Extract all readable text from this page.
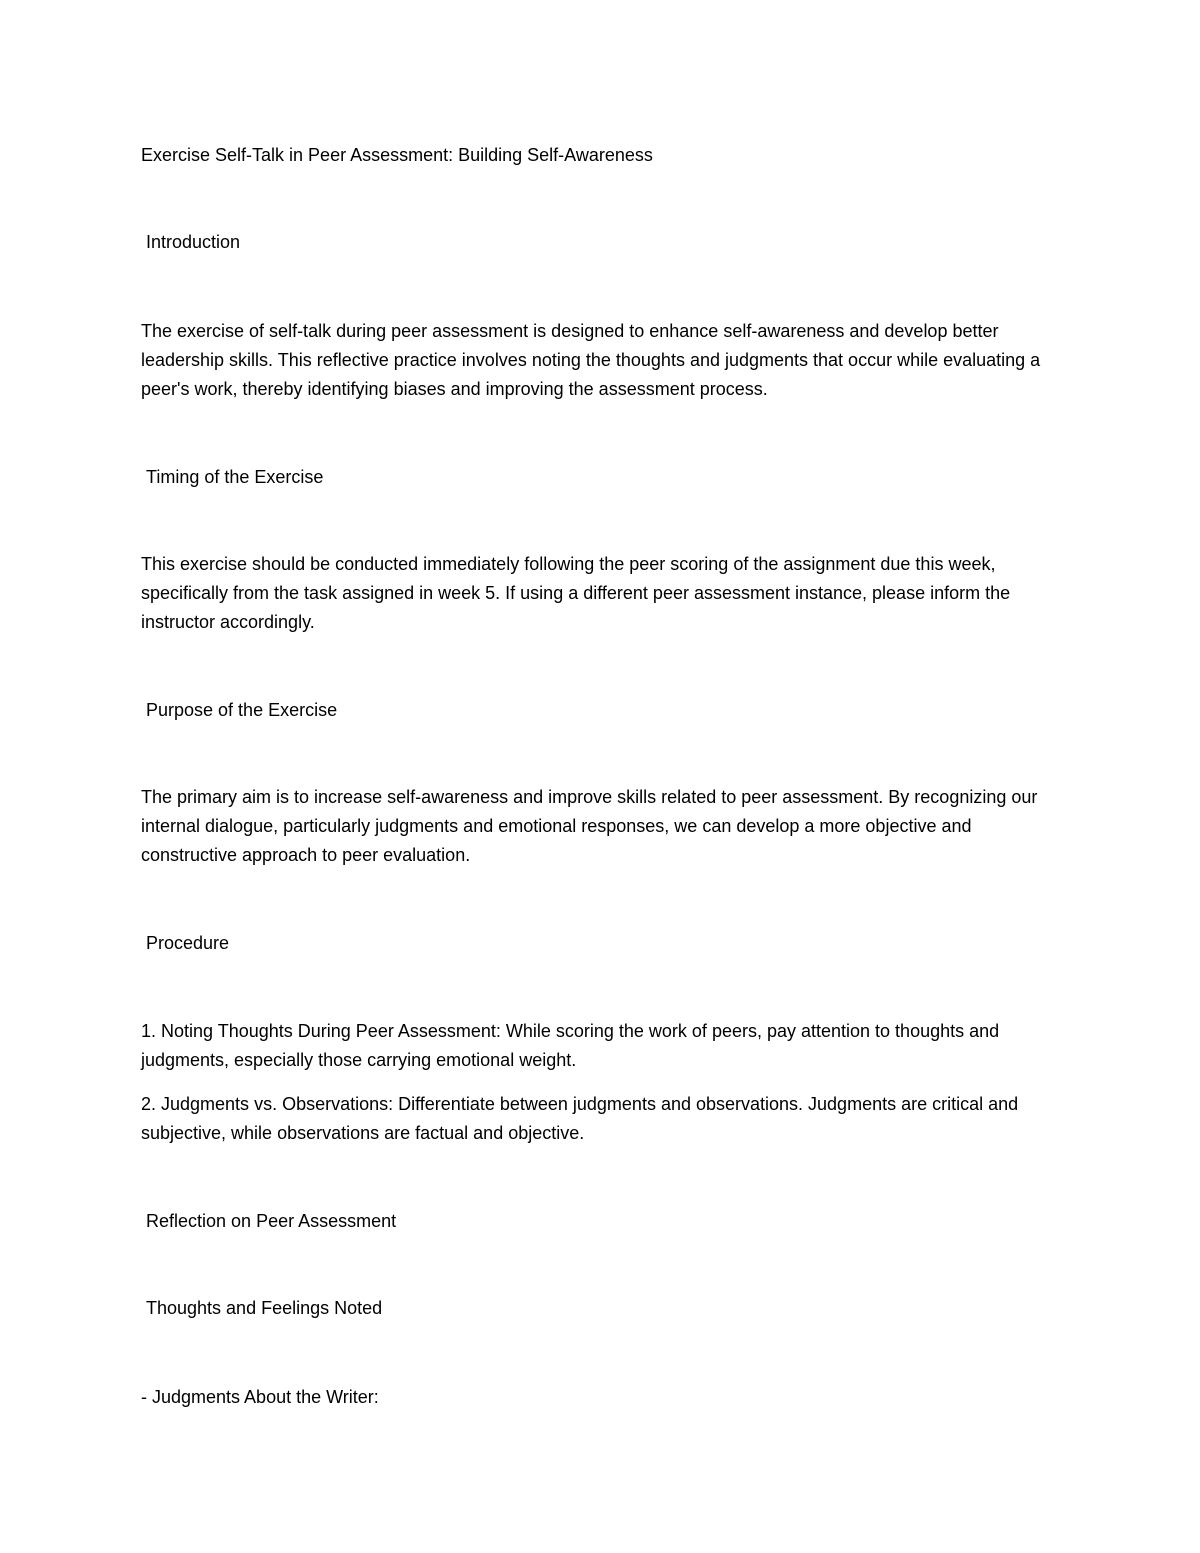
Exercise Self-Talk in Peer Assessment: Building Self-Awareness
Introduction

The exercise of self-talk during peer assessment is designed to enhance self-awareness and develop better leadership skills. This reflective practice involves noting the thoughts and judgments that occur while evaluating a peer's work, thereby identifying biases and improving the assessment process.

Timing of the Exercise

This exercise should be conducted immediately following the peer scoring of the assignment due this week, specifically from the task assigned in week 5. If using a different peer assessment instance, please inform the instructor accordingly.

Purpose of the Exercise

The primary aim is to increase self-awareness and improve skills related to peer assessment. By recognizing our internal dialogue, particularly judgments and emotional responses, we can develop a more objective and constructive approach to peer evaluation.

Procedure

1. Noting Thoughts During Peer Assessment: While scoring the work of peers, pay attention to thoughts and judgments, especially those carrying emotional weight.

2. Judgments vs. Observations: Differentiate between judgments and observations. Judgments are critical and subjective, while observations are factual and objective.

Reflection on Peer Assessment
Thoughts and Feelings Noted
- Judgments About the Writer:
